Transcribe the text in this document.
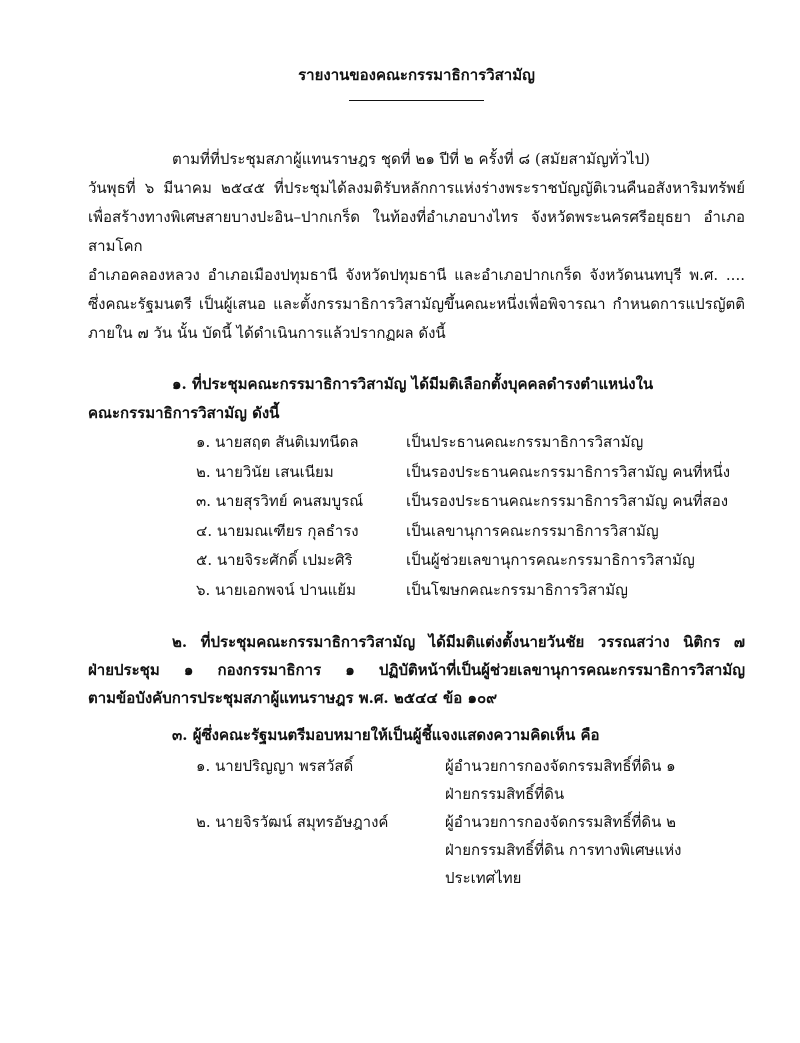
รายงานของคณะกรรมาธิการวิสามัญ
ตามที่ที่ประชุมสภาผู้แทนราษฎร ชุดที่ ๒๑ ปีที่ ๒ ครั้งที่ ๘ (สมัยสามัญทั่วไป)
วันพุธที่ ๖ มีนาคม ๒๕๔๕ ที่ประชุมได้ลงมติรับหลักการแห่งร่างพระราชบัญญัติเวนคืนอสังหาริมทรัพย์
เพื่อสร้างทางพิเศษสายบางปะอิน–ปากเกร็ด ในท้องที่อำเภอบางไทร จังหวัดพระนครศรีอยุธยา อำเภอสามโคก
อำเภอคลองหลวง อำเภอเมืองปทุมธานี จังหวัดปทุมธานี และอำเภอปากเกร็ด จังหวัดนนทบุรี พ.ศ. ....
ซึ่งคณะรัฐมนตรี เป็นผู้เสนอ และตั้งกรรมาธิการวิสามัญขึ้นคณะหนึ่งเพื่อพิจารณา กำหนดการแปรญัตติ
ภายใน ๗ วัน นั้น บัดนี้ ได้ดำเนินการแล้วปรากฏผล ดังนี้
๑. ที่ประชุมคณะกรรมาธิการวิสามัญ ได้มีมติเลือกตั้งบุคคลดำรงตำแหน่งใน
คณะกรรมาธิการวิสามัญ ดังนี้
๑. นายสฤต สันติเมทนีดล	เป็นประธานคณะกรรมาธิการวิสามัญ
๒. นายวินัย เสนเนียม	เป็นรองประธานคณะกรรมาธิการวิสามัญ คนที่หนึ่ง
๓. นายสุรวิทย์ คนสมบูรณ์	เป็นรองประธานคณะกรรมาธิการวิสามัญ คนที่สอง
๔. นายมณเฑียร กุลธำรง	เป็นเลขานุการคณะกรรมาธิการวิสามัญ
๕. นายจิระศักดิ์ เปมะศิริ	เป็นผู้ช่วยเลขานุการคณะกรรมาธิการวิสามัญ
๖. นายเอกพจน์ ปานแย้ม	เป็นโฆษกคณะกรรมาธิการวิสามัญ
๒. ที่ประชุมคณะกรรมาธิการวิสามัญ ได้มีมติแต่งตั้งนายวันชัย วรรณสว่าง นิติกร ๗
ฝ่ายประชุม ๑ กองกรรมาธิการ ๑ ปฏิบัติหน้าที่เป็นผู้ช่วยเลขานุการคณะกรรมาธิการวิสามัญ
ตามข้อบังคับการประชุมสภาผู้แทนราษฎร พ.ศ. ๒๕๔๔ ข้อ ๑๐๙
๓. ผู้ซึ่งคณะรัฐมนตรีมอบหมายให้เป็นผู้ชี้แจงแสดงความคิดเห็น คือ
๑. นายปริญญา พรสวัสดิ์	ผู้อำนวยการกองจัดกรรมสิทธิ์ที่ดิน ๑
ฝ่ายกรรมสิทธิ์ที่ดิน
๒. นายจิรวัฒน์ สมุทรอัษฎางค์	ผู้อำนวยการกองจัดกรรมสิทธิ์ที่ดิน ๒
ฝ่ายกรรมสิทธิ์ที่ดิน การทางพิเศษแห่งประเทศไทย
